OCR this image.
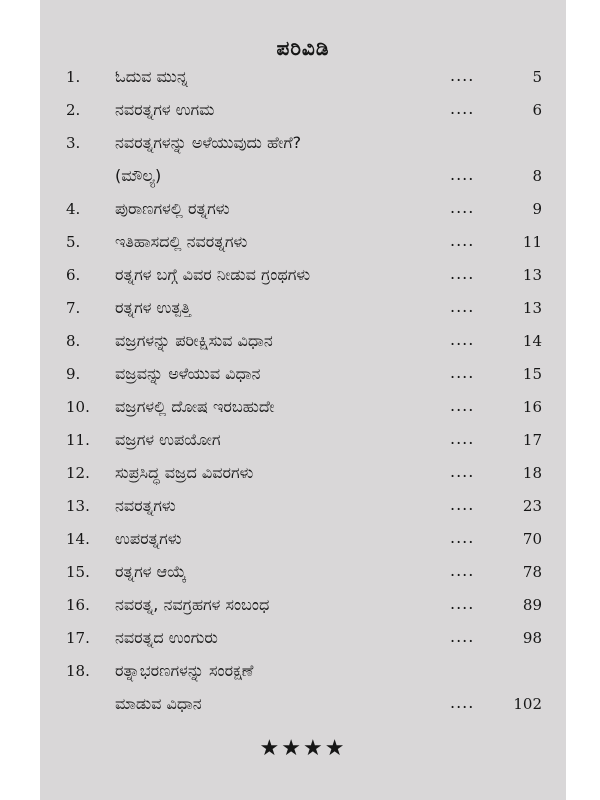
ಪರಿವಿಡಿ
1. ಓದುವ ಮುನ್ನ	....	5
2. ನವರತ್ನಗಳ ಉಗಮ	....	6
3. ನವರತ್ನಗಳನ್ನು ಅಳೆಯುವುದು ಹೇಗೆ?
(ಮೌಲ್ಯ)	....	8
4. ಪುರಾಣಗಳಲ್ಲಿ ರತ್ನಗಳು	....	9
5. ಇತಿಹಾಸದಲ್ಲಿ ನವರತ್ನಗಳು	....	11
6. ರತ್ನಗಳ ಬಗ್ಗೆ ವಿವರ ನೀಡುವ ಗ್ರಂಥಗಳು	....	13
7. ರತ್ನಗಳ ಉತ್ಪತ್ತಿ	....	13
8. ವಜ್ರಗಳನ್ನು ಪರೀಕ್ಷಿಸುವ ವಿಧಾನ	....	14
9. ವಜ್ರವನ್ನು ಅಳೆಯುವ ವಿಧಾನ	....	15
10. ವಜ್ರಗಳಲ್ಲಿ ದೋಷ ಇರಬಹುದೇ	....	16
11. ವಜ್ರಗಳ ಉಪಯೋಗ	....	17
12. ಸುಪ್ರಸಿದ್ಧ ವಜ್ರದ ವಿವರಗಳು	....	18
13. ನವರತ್ನಗಳು	....	23
14. ಉಪರತ್ನಗಳು	....	70
15. ರತ್ನಗಳ ಆಯ್ಕೆ	....	78
16. ನವರತ್ನ, ನವಗ್ರಹಗಳ ಸಂಬಂಧ	....	89
17. ನವರತ್ನದ ಉಂಗುರು	....	98
18. ರತ್ನಾಭರಣಗಳನ್ನು ಸಂರಕ್ಷಣೆ
ಮಾಡುವ ವಿಧಾನ	....	102
★★★★
